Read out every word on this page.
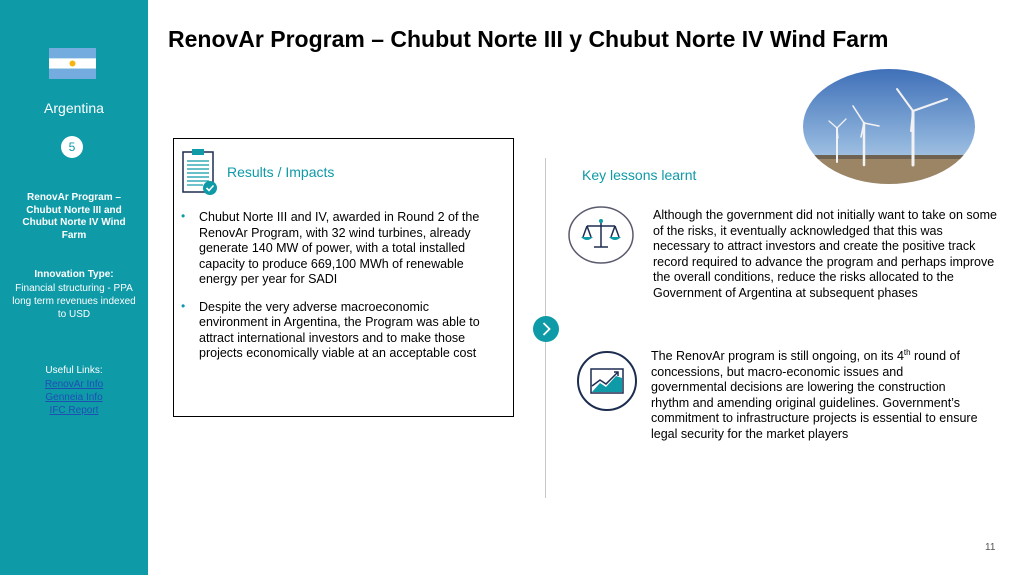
Argentina
5
RenovAr Program – Chubut Norte III and Chubut Norte IV Wind Farm
Innovation Type:
Financial structuring - PPA long term revenues indexed to USD
Useful Links:
RenovAr Info
Genneia Info
IFC Report
RenovAr Program – Chubut Norte III y Chubut Norte IV Wind Farm
Results / Impacts
• Chubut Norte III and IV, awarded in Round 2 of the RenovAr Program, with 32 wind turbines, already generate 140 MW of power, with a total installed capacity to produce 669,100 MWh of renewable energy per year for SADI
• Despite the very adverse macroeconomic environment in Argentina, the Program was able to attract international investors and to make those projects economically viable at an acceptable cost
Key lessons learnt
Although the government did not initially want to take on some of the risks, it eventually acknowledged that this was necessary to attract investors and create the positive track record required to advance the program and perhaps improve the overall conditions, reduce the risks allocated to the Government of Argentina at subsequent phases
The RenovAr program is still ongoing, on its 4th round of concessions, but macro-economic issues and governmental decisions are lowering the construction rhythm and amending original guidelines. Government’s commitment to infrastructure projects is essential to ensure legal security for the market players
11
